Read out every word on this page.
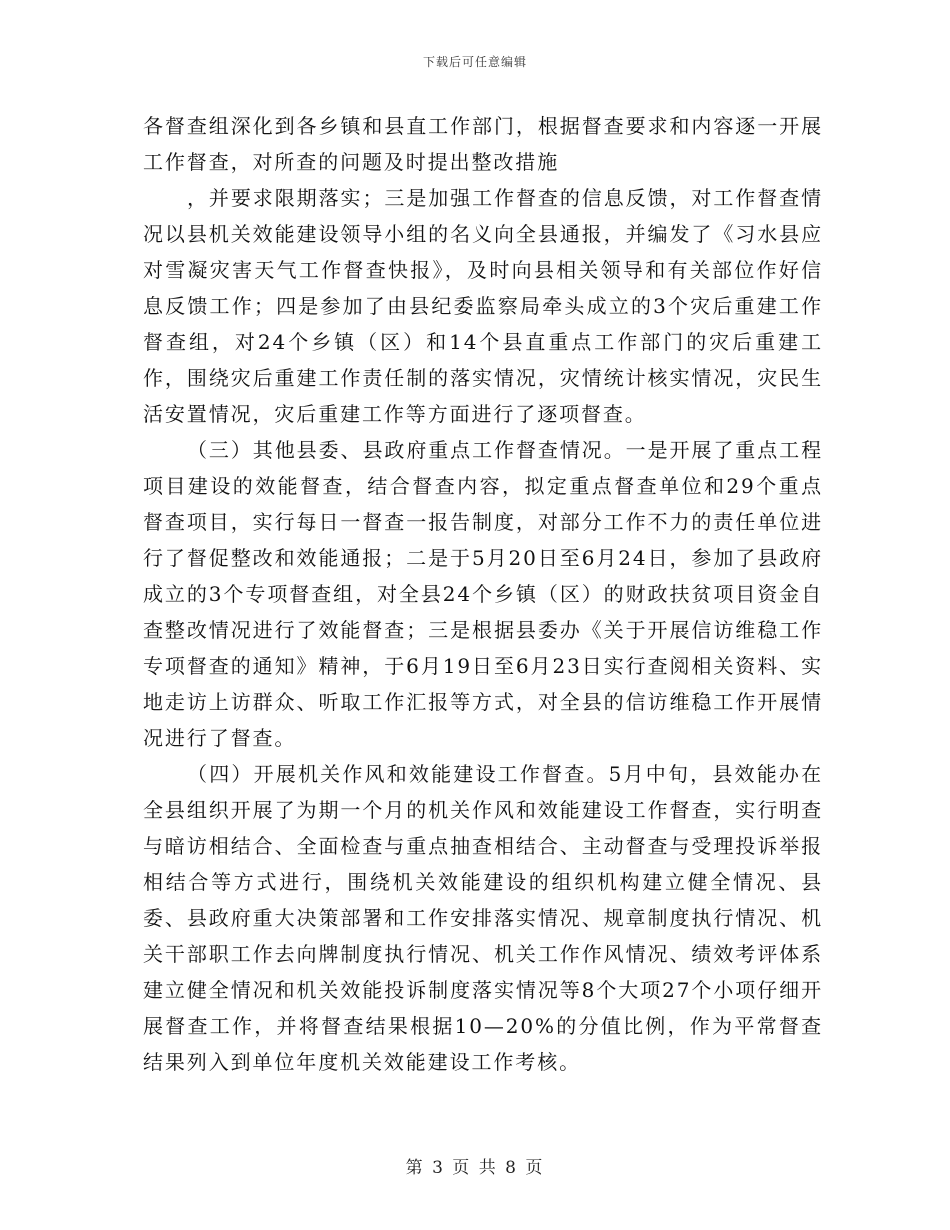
下载后可任意编辑

各督查组深化到各乡镇和县直工作部门，根据督查要求和内容逐一开展工作督查，对所查的问题及时提出整改措施

，并要求限期落实；三是加强工作督查的信息反馈，对工作督查情况以县机关效能建设领导小组的名义向全县通报，并编发了《习水县应对雪凝灾害天气工作督查快报》，及时向县相关领导和有关部位作好信息反馈工作；四是参加了由县纪委监察局牵头成立的3个灾后重建工作督查组，对24个乡镇（区）和14个县直重点工作部门的灾后重建工作，围绕灾后重建工作责任制的落实情况，灾情统计核实情况，灾民生活安置情况，灾后重建工作等方面进行了逐项督查。

（三）其他县委、县政府重点工作督查情况。一是开展了重点工程项目建设的效能督查，结合督查内容，拟定重点督查单位和29个重点督查项目，实行每日一督查一报告制度，对部分工作不力的责任单位进行了督促整改和效能通报；二是于5月20日至6月24日，参加了县政府成立的3个专项督查组，对全县24个乡镇（区）的财政扶贫项目资金自查整改情况进行了效能督查；三是根据县委办《关于开展信访维稳工作专项督查的通知》精神，于6月19日至6月23日实行查阅相关资料、实地走访上访群众、听取工作汇报等方式，对全县的信访维稳工作开展情况进行了督查。

（四）开展机关作风和效能建设工作督查。5月中旬，县效能办在全县组织开展了为期一个月的机关作风和效能建设工作督查，实行明查与暗访相结合、全面检查与重点抽查相结合、主动督查与受理投诉举报相结合等方式进行，围绕机关效能建设的组织机构建立健全情况、县委、县政府重大决策部署和工作安排落实情况、规章制度执行情况、机关干部职工作去向牌制度执行情况、机关工作作风情况、绩效考评体系建立健全情况和机关效能投诉制度落实情况等8个大项27个小项仔细开展督查工作，并将督查结果根据10—20%的分值比例，作为平常督查结果列入到单位年度机关效能建设工作考核。

第 3 页 共 8 页
